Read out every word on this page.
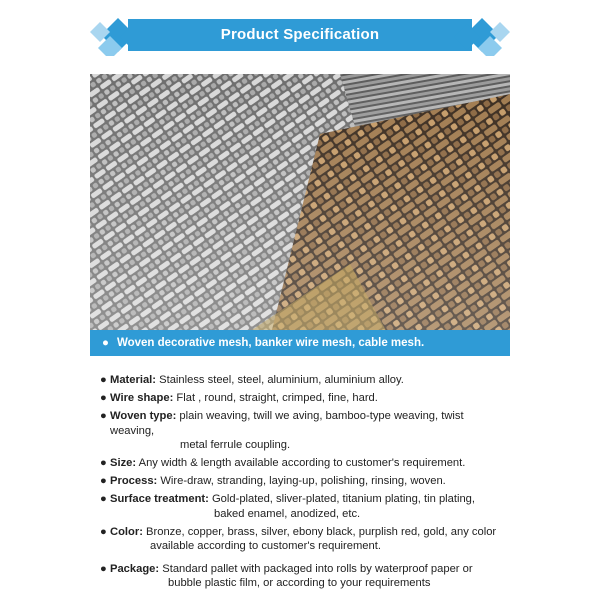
Product Specification
● Woven decorative mesh, banker wire mesh, cable mesh.
● Material: Stainless steel, steel, aluminium, aluminium alloy.
● Wire shape: Flat , round, straight, crimped, fine, hard.
● Woven type: plain weaving, twill we aving, bamboo-type weaving, twist weaving,
metal ferrule coupling.
● Size: Any width & length available according to customer's requirement.
● Process: Wire-draw, stranding, laying-up, polishing, rinsing, woven.
● Surface treatment: Gold-plated, sliver-plated, titanium plating, tin plating,
baked enamel, anodized, etc.
● Color: Bronze, copper, brass, silver, ebony black, purplish red, gold, any color
available according to customer's requirement.
● Package: Standard pallet with packaged into rolls by waterproof paper or
bubble plastic film, or according to your requirements
